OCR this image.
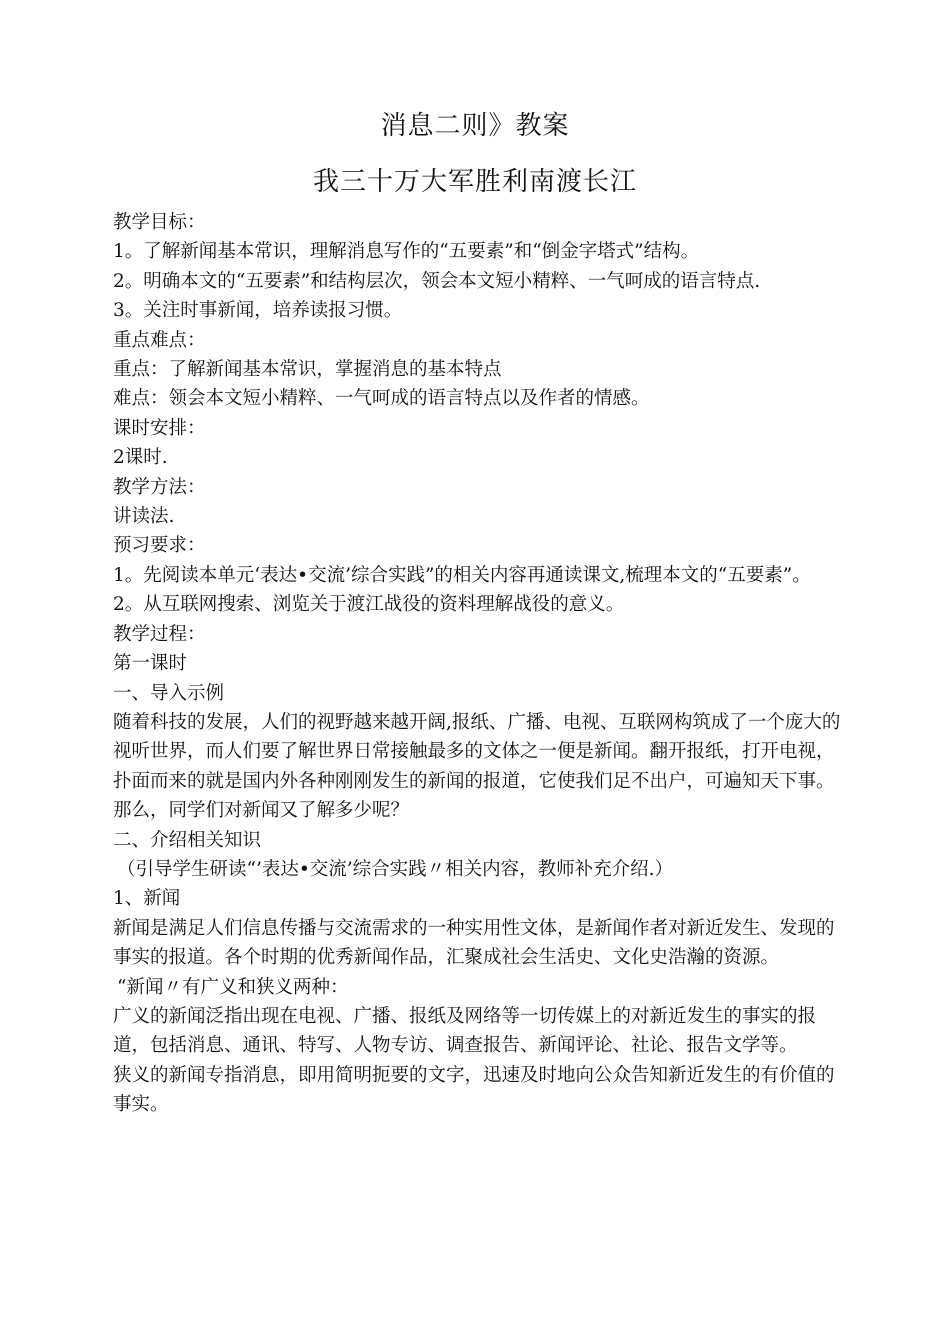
消息二则》教案
我三十万大军胜利南渡长江

教学目标：

1。了解新闻基本常识，理解消息写作的“五要素”和“倒金字塔式”结构。

2。明确本文的“五要素”和结构层次，领会本文短小精粹、一气呵成的语言特点.

3。关注时事新闻，培养读报习惯。

重点难点：

重点：了解新闻基本常识，掌握消息的基本特点

难点：领会本文短小精粹、一气呵成的语言特点以及作者的情感。

课时安排：

2课时.

教学方法：

讲读法.

预习要求：

1。先阅读本单元‘表达•交流’综合实践”的相关内容再通读课文,梳理本文的“五要素”。

2。从互联网搜索、浏览关于渡江战役的资料理解战役的意义。

教学过程：

第一课时

一、导入示例

随着科技的发展，人们的视野越来越开阔,报纸、广播、电视、互联网构筑成了一个庞大的视听世界，而人们要了解世界日常接触最多的文体之一便是新闻。翻开报纸，打开电视，扑面而来的就是国内外各种刚刚发生的新闻的报道，它使我们足不出户，可遍知天下事。那么，同学们对新闻又了解多少呢？

二、介绍相关知识

（引导学生研读“’表达•交流’综合实践〃相关内容，教师补充介绍.）

1、新闻

新闻是满足人们信息传播与交流需求的一种实用性文体，是新闻作者对新近发生、发现的事实的报道。各个时期的优秀新闻作品，汇聚成社会生活史、文化史浩瀚的资源。

“新闻〃有广义和狭义两种：

广义的新闻泛指出现在电视、广播、报纸及网络等一切传媒上的对新近发生的事实的报道，包括消息、通讯、特写、人物专访、调查报告、新闻评论、社论、报告文学等。

狭义的新闻专指消息，即用简明扼要的文字，迅速及时地向公众告知新近发生的有价值的事实。
